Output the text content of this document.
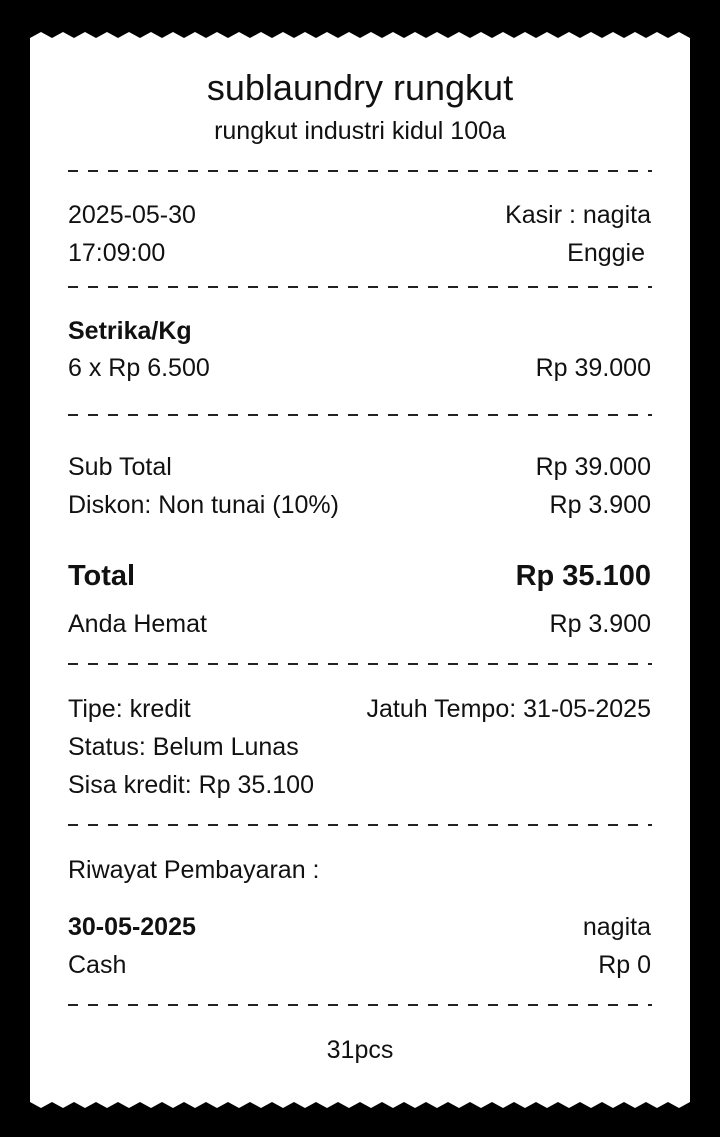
sublaundry rungkut
rungkut industri kidul 100a
2025-05-30	Kasir : nagita
17:09:00	Enggie
Setrika/Kg
6 x Rp 6.500	Rp 39.000
Sub Total	Rp 39.000
Diskon: Non tunai (10%)	Rp 3.900
Total	Rp 35.100
Anda Hemat	Rp 3.900
Tipe: kredit	Jatuh Tempo: 31-05-2025
Status: Belum Lunas
Sisa kredit: Rp 35.100
Riwayat Pembayaran :
30-05-2025	nagita
Cash	Rp 0
31pcs
